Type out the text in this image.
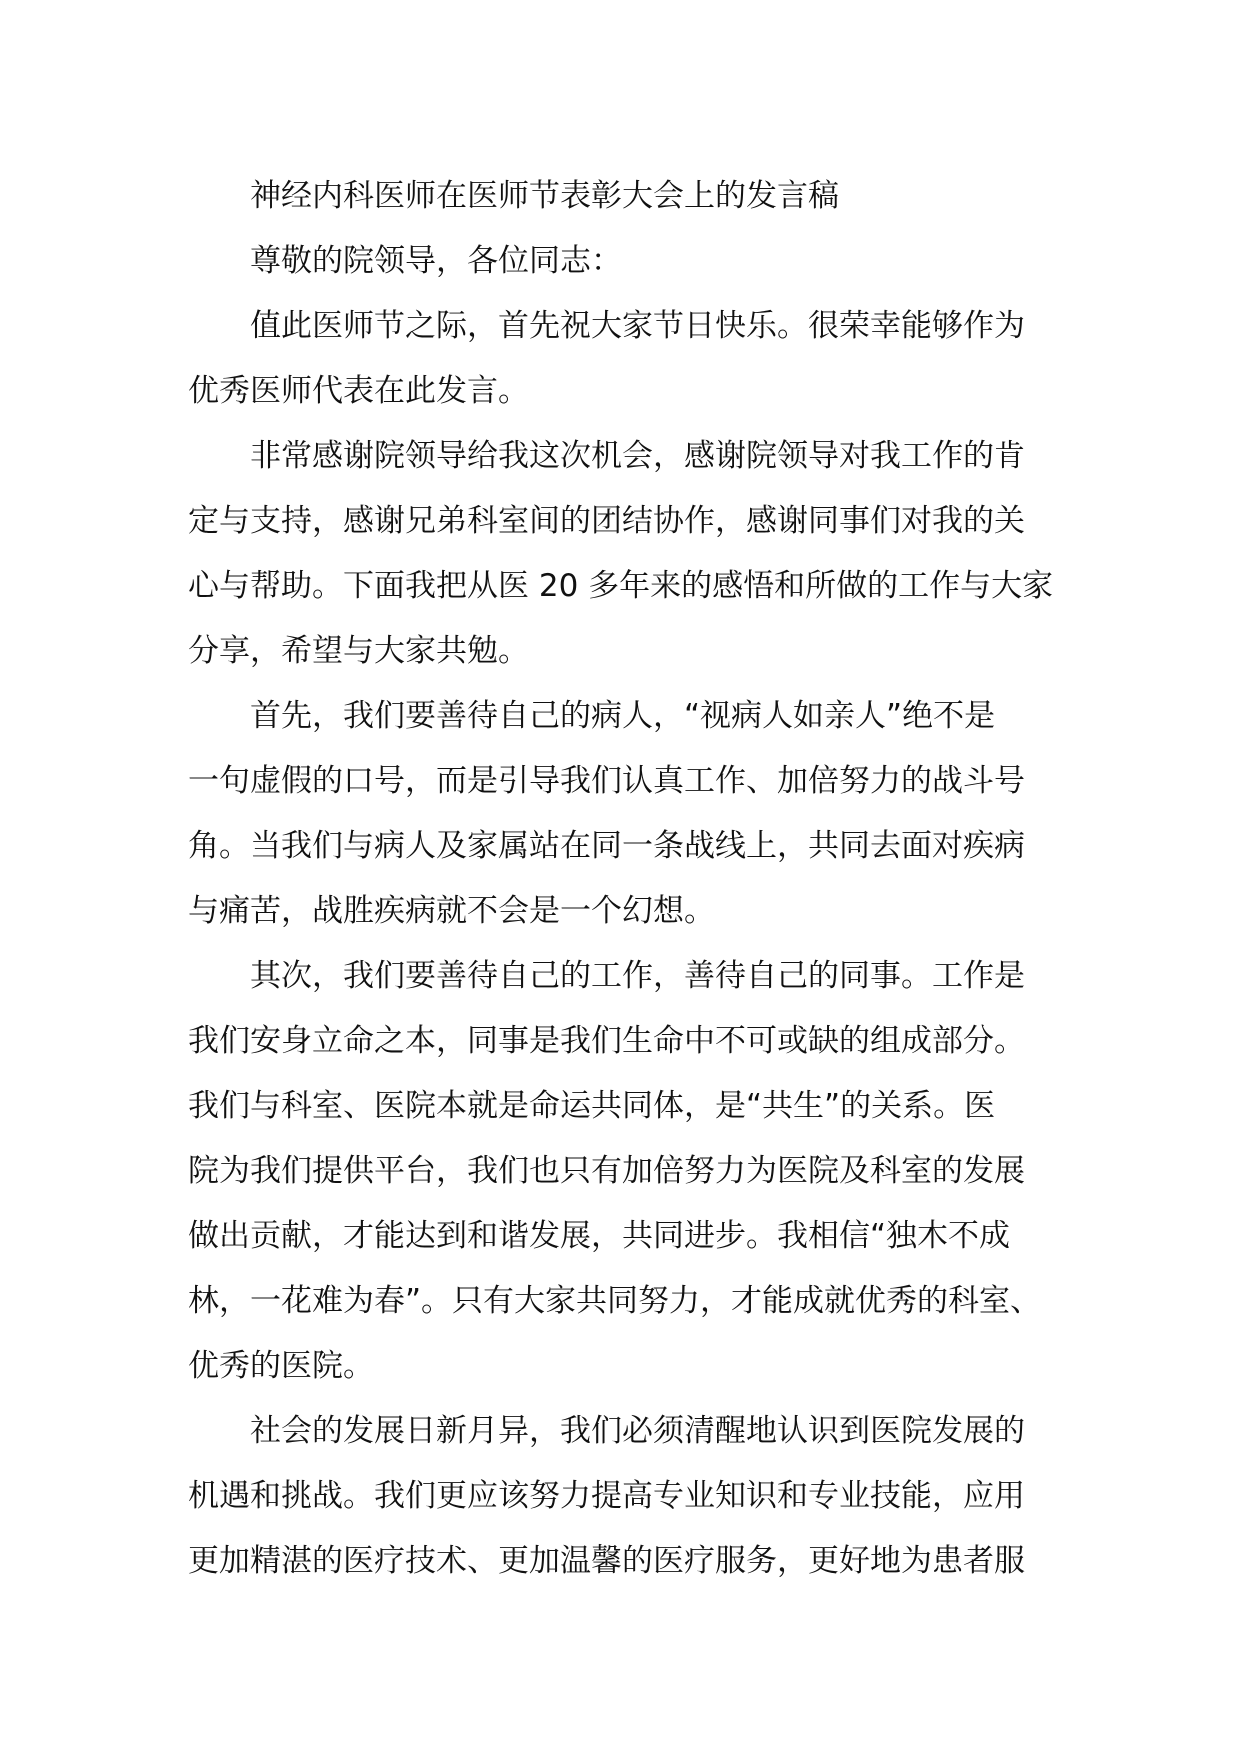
神经内科医师在医师节表彰大会上的发言稿
尊敬的院领导，各位同志：
值此医师节之际，首先祝大家节日快乐。很荣幸能够作为
优秀医师代表在此发言。
非常感谢院领导给我这次机会，感谢院领导对我工作的肯
定与支持，感谢兄弟科室间的团结协作，感谢同事们对我的关
心与帮助。下面我把从医 20 多年来的感悟和所做的工作与大家
分享，希望与大家共勉。
首先，我们要善待自己的病人，“视病人如亲人”绝不是
一句虚假的口号，而是引导我们认真工作、加倍努力的战斗号
角。当我们与病人及家属站在同一条战线上，共同去面对疾病
与痛苦，战胜疾病就不会是一个幻想。
其次，我们要善待自己的工作，善待自己的同事。工作是
我们安身立命之本，同事是我们生命中不可或缺的组成部分。
我们与科室、医院本就是命运共同体，是“共生”的关系。医
院为我们提供平台，我们也只有加倍努力为医院及科室的发展
做出贡献，才能达到和谐发展，共同进步。我相信“独木不成
林，一花难为春”。只有大家共同努力，才能成就优秀的科室、
优秀的医院。
社会的发展日新月异，我们必须清醒地认识到医院发展的
机遇和挑战。我们更应该努力提高专业知识和专业技能，应用
更加精湛的医疗技术、更加温馨的医疗服务，更好地为患者服
